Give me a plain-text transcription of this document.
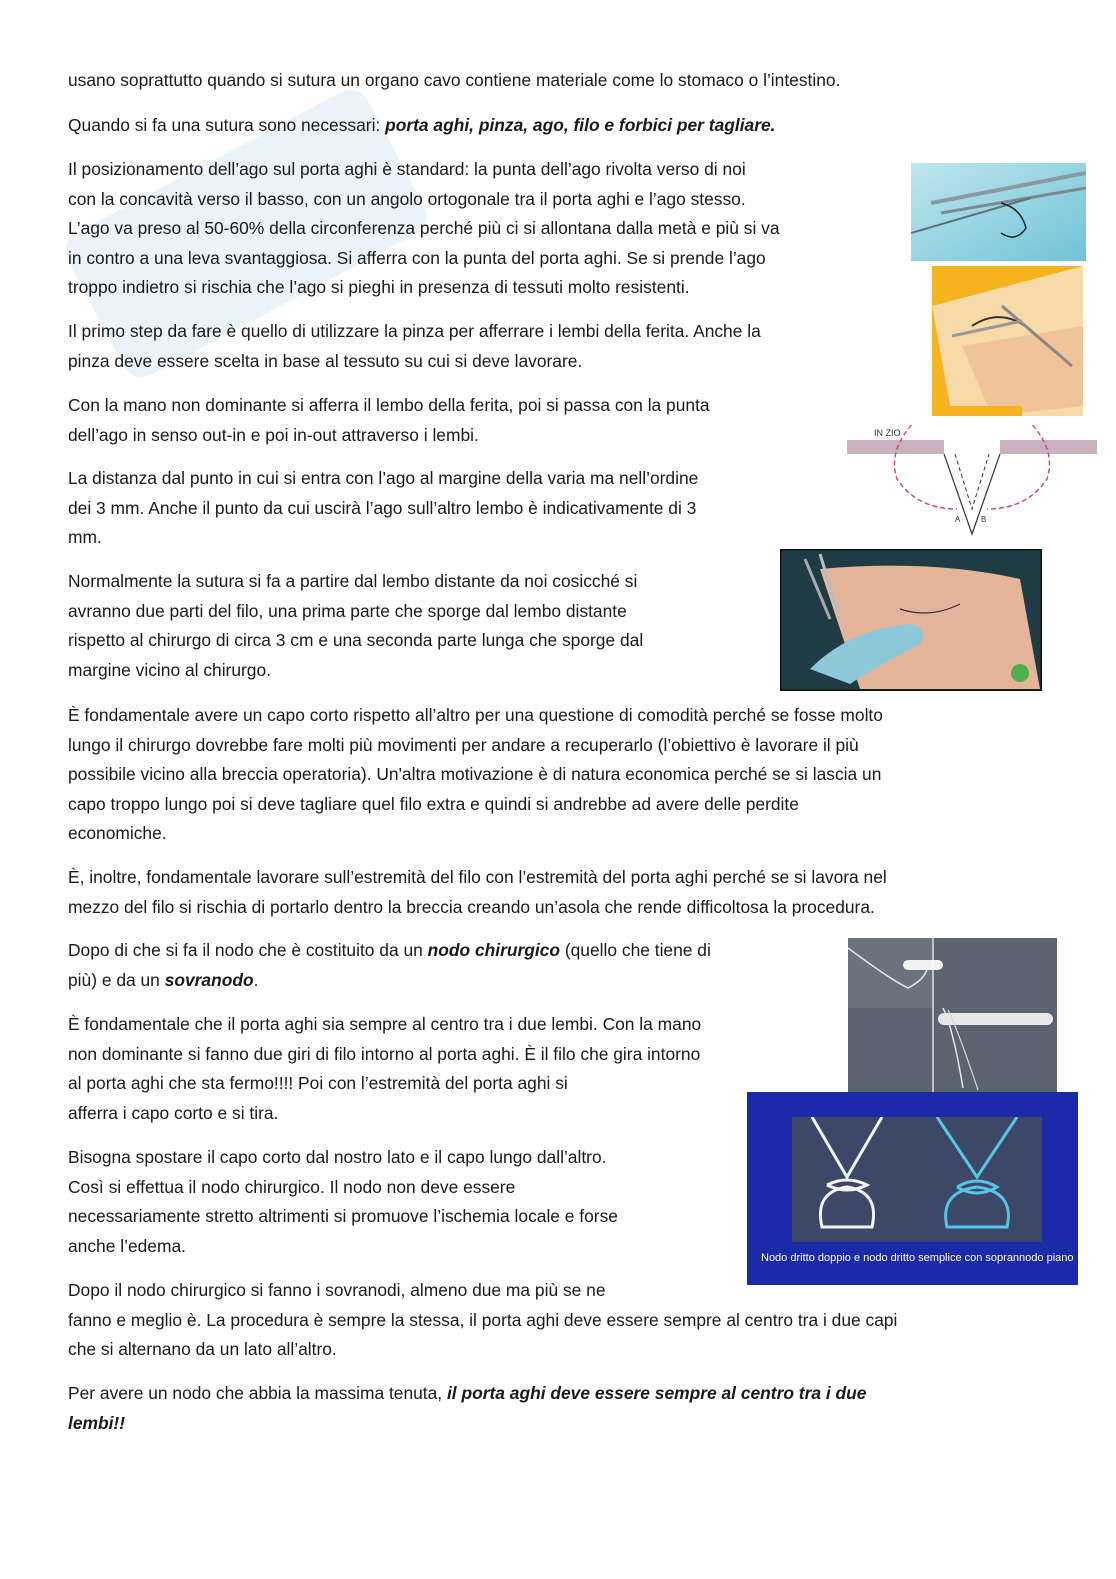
usano soprattutto quando si sutura un organo cavo contiene materiale come lo stomaco o l’intestino.

Quando si fa una sutura sono necessari: porta aghi, pinza, ago, filo e forbici per tagliare.

Il posizionamento dell’ago sul porta aghi è standard: la punta dell’ago rivolta verso di noi
con la concavità verso il basso, con un angolo ortogonale tra il porta aghi e l’ago stesso.
L’ago va preso al 50-60% della circonferenza perché più ci si allontana dalla metà e più si va
in contro a una leva svantaggiosa. Si afferra con la punta del porta aghi. Se si prende l’ago
troppo indietro si rischia che l’ago si pieghi in presenza di tessuti molto resistenti.

Il primo step da fare è quello di utilizzare la pinza per afferrare i lembi della ferita. Anche la
pinza deve essere scelta in base al tessuto su cui si deve lavorare.

Con la mano non dominante si afferra il lembo della ferita, poi si passa con la punta
dell’ago in senso out-in e poi in-out attraverso i lembi.

La distanza dal punto in cui si entra con l’ago al margine della varia ma nell’ordine
dei 3 mm. Anche il punto da cui uscirà l’ago sull’altro lembo è indicativamente di 3
mm.

Normalmente la sutura si fa a partire dal lembo distante da noi cosicché si
avranno due parti del filo, una prima parte che sporge dal lembo distante
rispetto al chirurgo di circa 3 cm e una seconda parte lunga che sporge dal
margine vicino al chirurgo.

È fondamentale avere un capo corto rispetto all’altro per una questione di comodità perché se fosse molto
lungo il chirurgo dovrebbe fare molti più movimenti per andare a recuperarlo (l’obiettivo è lavorare il più
possibile vicino alla breccia operatoria). Un'altra motivazione è di natura economica perché se si lascia un
capo troppo lungo poi si deve tagliare quel filo extra e quindi si andrebbe ad avere delle perdite
economiche.

È, inoltre, fondamentale lavorare sull’estremità del filo con l’estremità del porta aghi perché se si lavora nel
mezzo del filo si rischia di portarlo dentro la breccia creando un’asola che rende difficoltosa la procedura.

Dopo di che si fa il nodo che è costituito da un nodo chirurgico (quello che tiene di
più) e da un sovranodo.

È fondamentale che il porta aghi sia sempre al centro tra i due lembi. Con la mano
non dominante si fanno due giri di filo intorno al porta aghi. È il filo che gira intorno
al porta aghi che sta fermo!!!! Poi con l’estremità del porta aghi si
afferra i capo corto e si tira.

Bisogna spostare il capo corto dal nostro lato e il capo lungo dall’altro.
Così si effettua il nodo chirurgico. Il nodo non deve essere
necessariamente stretto altrimenti si promuove l’ischemia locale e forse
anche l’edema.

Dopo il nodo chirurgico si fanno i sovranodi, almeno due ma più se ne
fanno e meglio è. La procedura è sempre la stessa, il porta aghi deve essere sempre al centro tra i due capi
che si alternano da un lato all’altro.

Per avere un nodo che abbia la massima tenuta, il porta aghi deve essere sempre al centro tra i due
lembi!!

IN ZIO
A	B
Nodo dritto doppio e nodo dritto semplice con soprannodo piano
